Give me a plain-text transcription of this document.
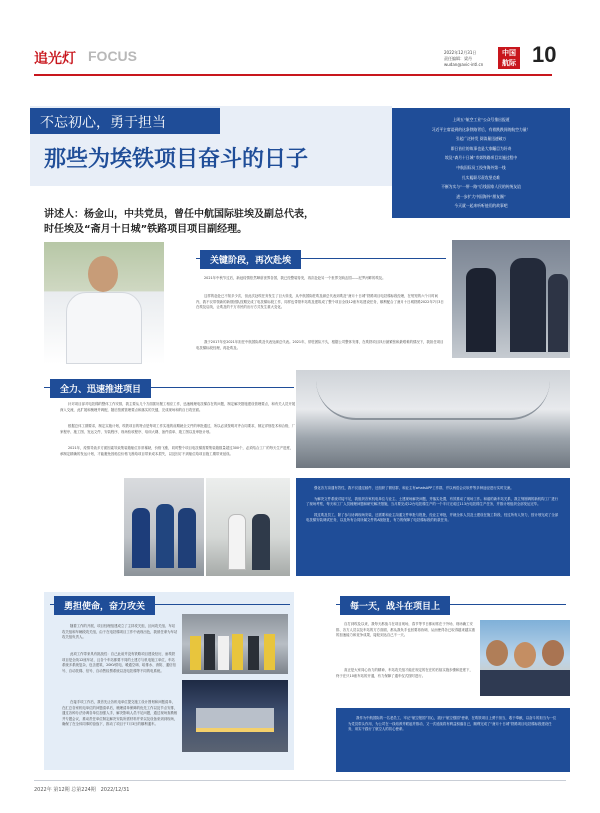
追光灯 FOCUS	2022年12月31日
责任编辑：梁丹
wudan@avic-intl.cn
中国
航际 10
不忘初心，勇于担当
那些为埃铁项目奋斗的日子
上周五“航空工业”公众号推出报道
习近平主席谈到的这条铁路背后，有着跌跌闯的航空力量！
引起广泛转发 阅读量迅速破万
即日首位的故事也是大家瞩目为好奇
埃及“斋月十日城”市郊铁路项目实施过程中
中航国际员工投身海外第一线
扎实履职尽责攻坚克难
不断为实与“一带一路”后线国家人民的传统友谊
进一步扩大中国海外“朋友圈”
今天就一起来听听他们的故事吧
讲述人：杨金山，中共党员，曾任中航国际驻埃及副总代表，
时任埃及“斋月十日城”铁路项目项目副经理。
关键阶段，再次赴埃
2021年中秋节过后，新冠疫情依然肆虐世界各国，我已经整装待发，再次赴赴另一个世界交响击国——尼罗河畔的埃及。
这样的赴赴已不知多少次，但此次赴埃任务发生了巨大转变，从中航国际驻埃及副总代表到埃及“斋月十日城”铁路项目电扶梯标段经理，在短短的六个月时间内，我不仅带领新的新领团队按期完成了电扶梯标段工作，同样也带领车站埃及建筑成了整个项目全线12座车站建设任务，顺利配合了斋月十日城铁路2022年7月3日在埃及启线，让埃及的千万市民的出行方式发生重大变化。
我于2017年至2021年担任中航国际埃及代表处副总代表。2021年，常驻团队不久，根据公司整体安排，在埃铁项目执行最紧张和最艰难的情况下，我担任项目电扶梯标段经理，再赴埃及。
全力、迅速推进项目
针对项目部对电扶梯的整体工作安排，我主要从几个方面抓好履工相应工作，迅速梳理电扶梯存在的问题，制定解决措施建设管理要点，和有关人员开展深入交流，此扩展和梳理并调配，随后按照管理要点和落实的关键，完成现场和的百日攻坚面。
根据总体工期要求，制定实施计划，埃铁项目的特点是每项工作实施的前期就全文件的审批通过，所以必须按明对齐合同要求，制定详细技术和合格，厂家程序、施工图、发运文件、安装程序、现场验收程序、培训大纲、备件清单、竣工图以及审批计划。
2021年，疫情导致多方面因素导致集装箱船位非常稀缺，价格飞涨，同时整个项目电扶梯需要集装箱数量超过300个，必须结合工厂的每天生产进度，承制定精确的发运计划，才能避免因船位价格飞涨给项目带来成本损失，以及因订不到船位给项目施工期带来延误。
强化各方沟通有效性，我不仅通过邮件、还组织了微信群，和业主有whatsAPP工作群，并以两语会议软件等多种途径进行实时交流。
为解决文件系统对接不足，我组织各家机电单位与业主、土建现场解决问题，并落实处置，有效推动了现场工作。和谐的新车站关系，我立刻刚调的新机构工厂进行了现场考察，每天和工厂人员梳理问题和研究解决措施，当月要完成12台电扶梯生产的一个半月完成过113台电扶梯生产任务，并推计划组织全部发运完毕。
抓过埃及员工，除了参与协调现场安装，还需要和业主沟通文件审批与报批，经业主审批，并就全体人员及土建设在施工阶段、经过所有人努力，按计划完成了全部电扶梯安装调试任务，以及所有合同所属文件的A版批复，有力的保障了电扶梯标段的收款任务。
勇担使命，奋力攻关
随着工作的开展，项目经理组建成立了主持攻关组，区间攻关组、车站攻关组和车辆段攻关组，由于在电扶梯项目工作中表现出色，我被任命为车站攻关组负责人。
此项工作带来具有挑战性：自己此前并没有铁路项目建设经历，而埃铁项目是全线12座车站，且各个车站都要不同的土建方与机电施工单位，车站系统多系统复杂，包含建筑、20KV供电、暖通空调、给排水、消防、通信信号、自动扶梯、信号、自动售检票系统以及电扶梯等不同的电系统。
在接手项工作后，我首先让各机电单位提交施工设计图划和问题清单，在汇总各家机电单位的问题清单后，梳理清单保障的优先工作以及节点安排，通过各种办法协调各单位加强人手，解决影响人员不足问题，通过现场查勘相并专题会议，推动责任单位制定解决安装所需材料并采以及设备来到到现场，确保了在全体同事的奋战下，推动了项目于7月3日的顺利通车。
每一天，战斗在项目上
自打到埃及以来，我每天都战斗在项目现场，春节等节日都闲常在于外场，现场确工安排、各方人员以及车站的方方面面，都从我负手也回要再协调，从而使得各已取得越来越实惠的加速能力和竞争成果，接轮到达自己不一天。
高正是大家同心协力的精神，车站攻关组才能在规定的在在的后续实施步骤和进度下，终于在只10座车站的开通，有力保障了通车仪式按时进行。
我作为中航国际的一名老员工，牢记“航空报国”初心，践行“航空强国”使命，在埃铁项目上勇于担当，敢于奉献，以奋斗的担当为一位为党员带头作用，为公司在一线培养并联起并推动，又一次延续将有利益积落自己，顺利完成了“斋月十日城”铁路项目电扶梯标段建设任务，用实干践行了航空人的初心使命。
2022年 第12期 总第224期   2022/12/31
